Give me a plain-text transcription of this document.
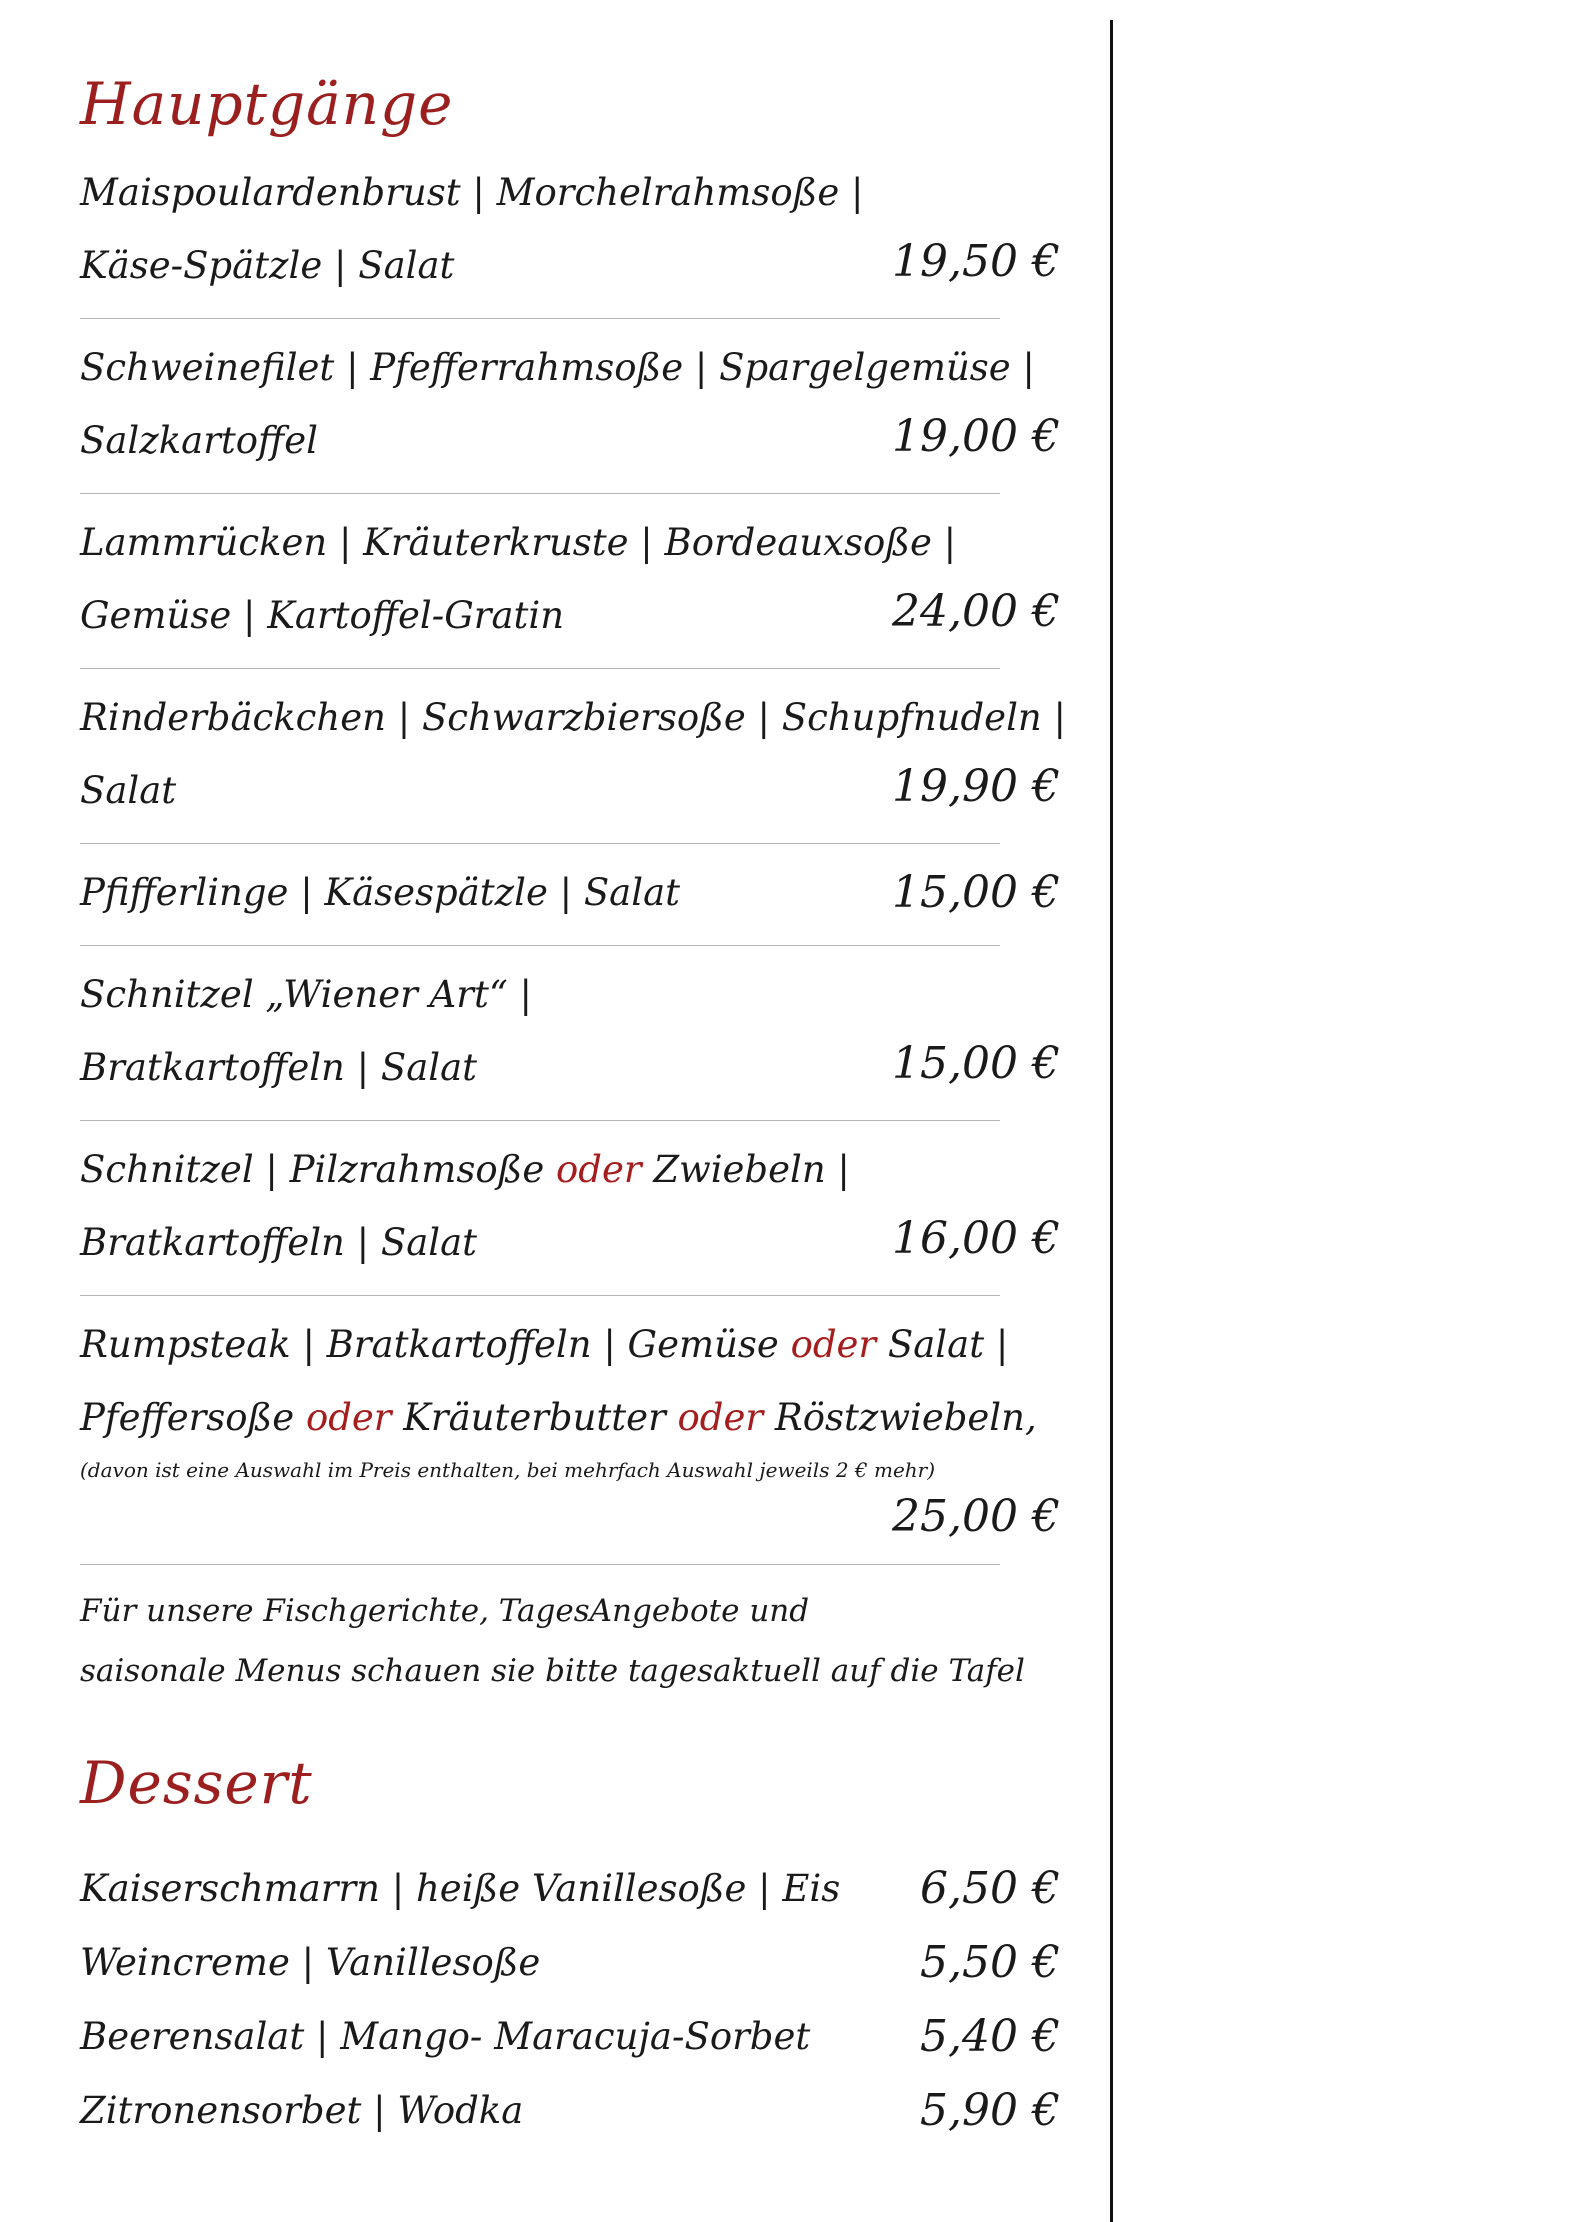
Hauptgänge
Maispoulardenbrust | Morchelrahmsoße |
Käse-Spätzle | Salat	19,50 €
Schweinefilet | Pfefferrahmsoße | Spargelgemüse |
Salzkartoffel	19,00 €
Lammrücken | Kräuterkruste | Bordeauxsoße |
Gemüse | Kartoffel-Gratin	24,00 €
Rinderbäckchen | Schwarzbiersoße | Schupfnudeln |
Salat	19,90 €
Pfifferlinge | Käsespätzle | Salat	15,00 €
Schnitzel „Wiener Art“ |
Bratkartoffeln | Salat	15,00 €
Schnitzel | Pilzrahmsoße oder Zwiebeln |
Bratkartoffeln | Salat	16,00 €
Rumpsteak | Bratkartoffeln | Gemüse oder Salat |
Pfeffersoße oder Kräuterbutter oder Röstzwiebeln,
(davon ist eine Auswahl im Preis enthalten, bei mehrfach Auswahl jeweils 2 € mehr)
25,00 €
Für unsere Fischgerichte, TagesAngebote und
saisonale Menus schauen sie bitte tagesaktuell auf die Tafel
Dessert
Kaiserschmarrn | heiße Vanillesoße | Eis	6,50 €
Weincreme | Vanillesoße	5,50 €
Beerensalat | Mango- Maracuja-Sorbet	5,40 €
Zitronensorbet | Wodka	5,90 €
